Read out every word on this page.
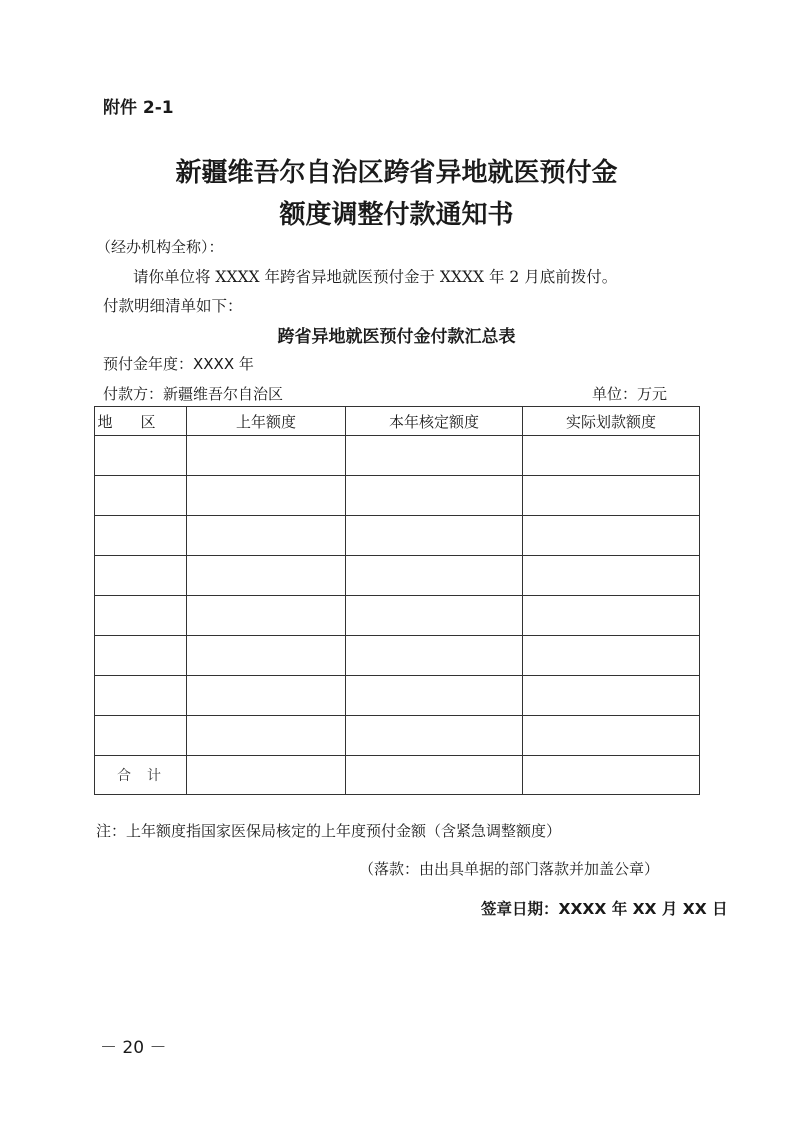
附件 2-1
新疆维吾尔自治区跨省异地就医预付金
额度调整付款通知书
（经办机构全称）：
请你单位将 XXXX 年跨省异地就医预付金于 XXXX 年 2 月底前拨付。
付款明细清单如下：
跨省异地就医预付金付款汇总表
预付金年度：XXXX 年
付款方：新疆维吾尔自治区	单位：万元
地区	上年额度	本年核定额度	实际划款额度

合计			
注：上年额度指国家医保局核定的上年度预付金额（含紧急调整额度）
（落款：由出具单据的部门落款并加盖公章）
签章日期：XXXX 年 XX 月 XX 日
－ 20 －
